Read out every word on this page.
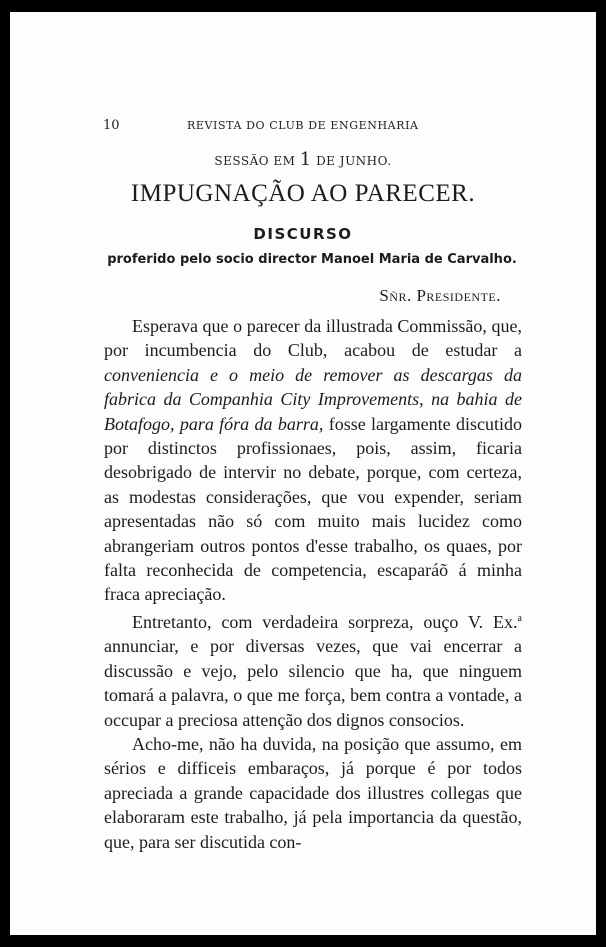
10	REVISTA DO CLUB DE ENGENHARIA
SESSÃO EM 1 DE JUNHO.
IMPUGNAÇÃO AO PARECER.
DISCURSO
proferido pelo socio director Manoel Maria de Carvalho.
Sñr. Presidente.

Esperava que o parecer da illustrada Commissão, que, por incumbencia do Club, acabou de estudar a conveniencia e o meio de remover as descargas da fabrica da Companhia City Improvements, na bahia de Botafogo, para fóra da barra, fosse largamente discutido por distinctos profissionaes, pois, assim, ficaria desobrigado de intervir no debate, porque, com certeza, as modestas considerações, que vou expender, seriam apresentadas não só com muito mais lucidez como abrangeriam outros pontos d'esse trabalho, os quaes, por falta reconhecida de competencia, escaparáõ á minha fraca apreciação.

Entretanto, com verdadeira sorpreza, ouço V. Ex.$^a$ annunciar, e por diversas vezes, que vai encerrar a discussão e vejo, pelo silencio que ha, que ninguem tomará a palavra, o que me força, bem contra a vontade, a occupar a preciosa attenção dos dignos consocios.

Acho-me, não ha duvida, na posição que assumo, em sérios e difficeis embaraços, já porque é por todos apreciada a grande capacidade dos illustres collegas que elaboraram este trabalho, já pela importancia da questão, que, para ser discutida con-
